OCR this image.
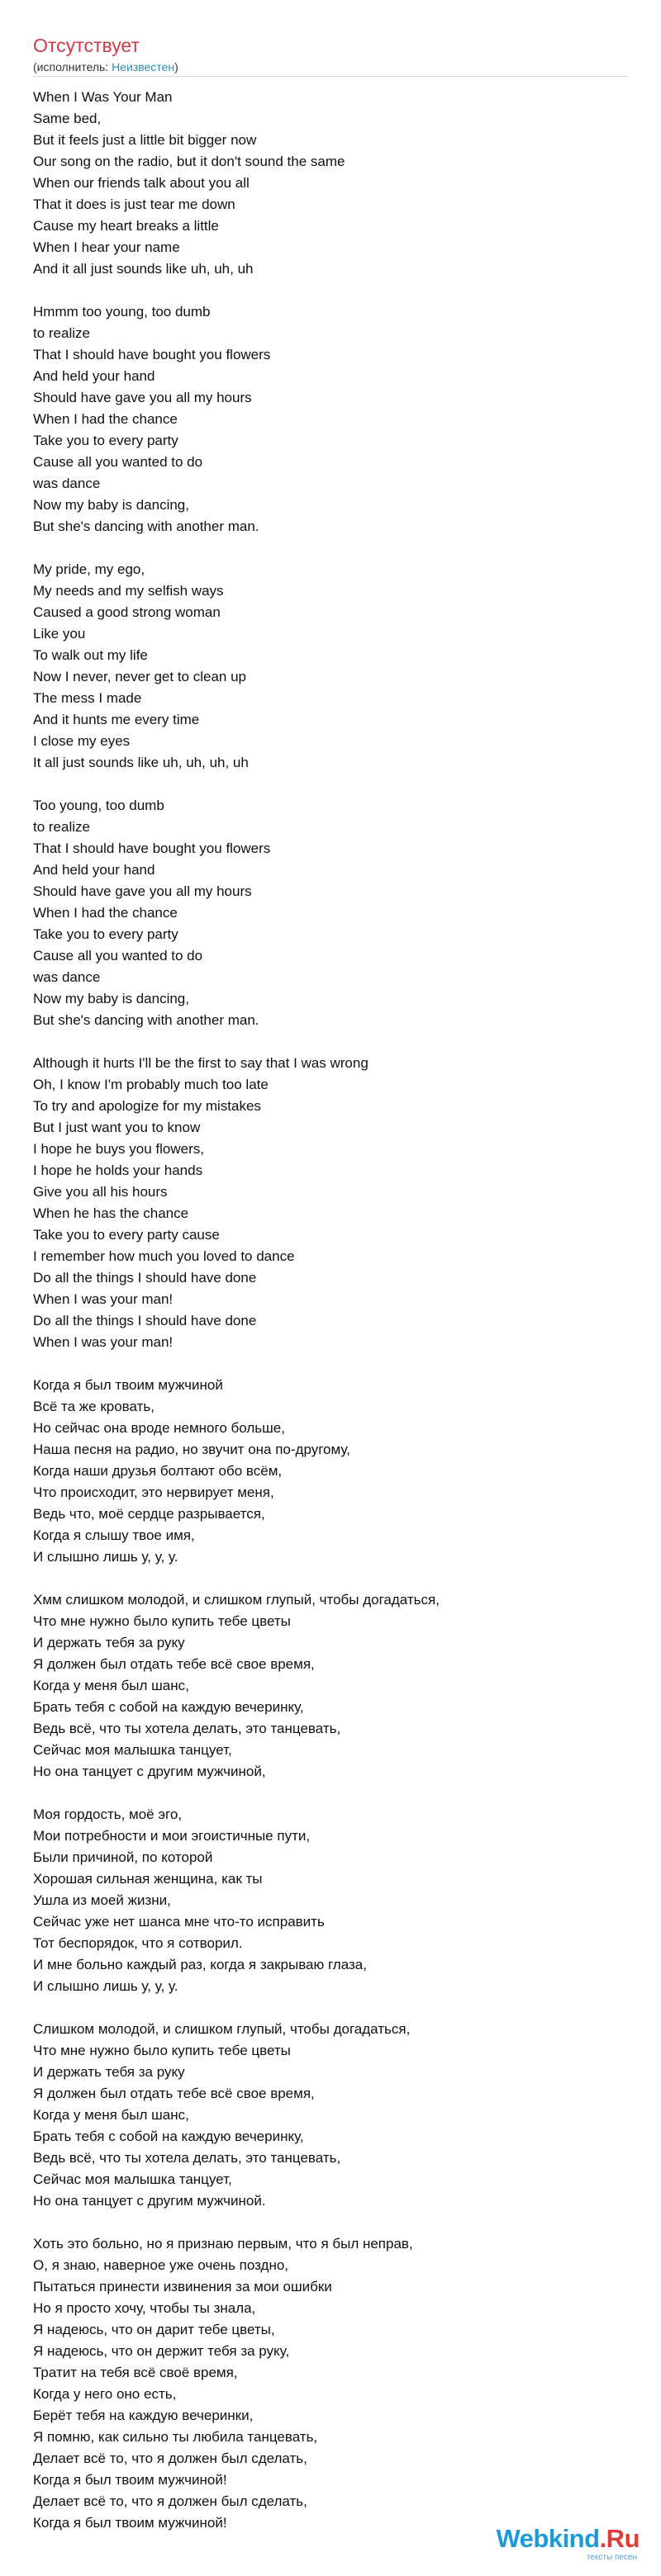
Отсутствует
(исполнитель: Неизвестен)
When I Was Your Man
Same bed,
But it feels just a little bit bigger now
Our song on the radio, but it don't sound the same
When our friends talk about you all
That it does is just tear me down
Cause my heart breaks a little
When I hear your name
And it all just sounds like uh, uh, uh
Hmmm too young, too dumb
to realize
That I should have bought you flowers
And held your hand
Should have gave you all my hours
When I had the chance
Take you to every party
Cause all you wanted to do
was dance
Now my baby is dancing,
But she's dancing with another man.
My pride, my ego,
My needs and my selfish ways
Caused a good strong woman
Like you
To walk out my life
Now I never, never get to clean up
The mess I made
And it hunts me every time
I close my eyes
It all just sounds like uh, uh, uh, uh
Too young, too dumb
to realize
That I should have bought you flowers
And held your hand
Should have gave you all my hours
When I had the chance
Take you to every party
Cause all you wanted to do
was dance
Now my baby is dancing,
But she's dancing with another man.
Although it hurts I'll be the first to say that I was wrong
Oh, I know I'm probably much too late
To try and apologize for my mistakes
But I just want you to know
I hope he buys you flowers,
I hope he holds your hands
Give you all his hours
When he has the chance
Take you to every party cause
I remember how much you loved to dance
Do all the things I should have done
When I was your man!
Do all the things I should have done
When I was your man!
Когда я был твоим мужчиной
Всё та же кровать,
Но сейчас она вроде немного больше,
Наша песня на радио, но звучит она по-другому,
Когда наши друзья болтают обо всём,
Что происходит, это нервирует меня,
Ведь что, моё сердце разрывается,
Когда я слышу твое имя,
И слышно лишь у, у, у.
Хмм слишком молодой, и слишком глупый, чтобы догадаться,
Что мне нужно было купить тебе цветы
И держать тебя за руку
Я должен был отдать тебе всё свое время,
Когда у меня был шанс,
Брать тебя с собой на каждую вечеринку,
Ведь всё, что ты хотела делать, это танцевать,
Сейчас моя малышка танцует,
Но она танцует с другим мужчиной,
Моя гордость, моё эго,
Мои потребности и мои эгоистичные пути,
Были причиной, по которой
Хорошая сильная женщина, как ты
Ушла из моей жизни,
Сейчас уже нет шанса мне что-то исправить
Тот беспорядок, что я сотворил.
И мне больно каждый раз, когда я закрываю глаза,
И слышно лишь у, у, у.
Слишком молодой, и слишком глупый, чтобы догадаться,
Что мне нужно было купить тебе цветы
И держать тебя за руку
Я должен был отдать тебе всё свое время,
Когда у меня был шанс,
Брать тебя с собой на каждую вечеринку,
Ведь всё, что ты хотела делать, это танцевать,
Сейчас моя малышка танцует,
Но она танцует с другим мужчиной.
Хоть это больно, но я признаю первым, что я был неправ,
О, я знаю, наверное уже очень поздно,
Пытаться принести извинения за мои ошибки
Но я просто хочу, чтобы ты знала,
Я надеюсь, что он дарит тебе цветы,
Я надеюсь, что он держит тебя за руку,
Тратит на тебя всё своё время,
Когда у него оно есть,
Берёт тебя на каждую вечеринки,
Я помню, как сильно ты любила танцевать,
Делает всё то, что я должен был сделать,
Когда я был твоим мужчиной!
Делает всё то, что я должен был сделать,
Когда я был твоим мужчиной!
Webkind.Ru
тексты песен
